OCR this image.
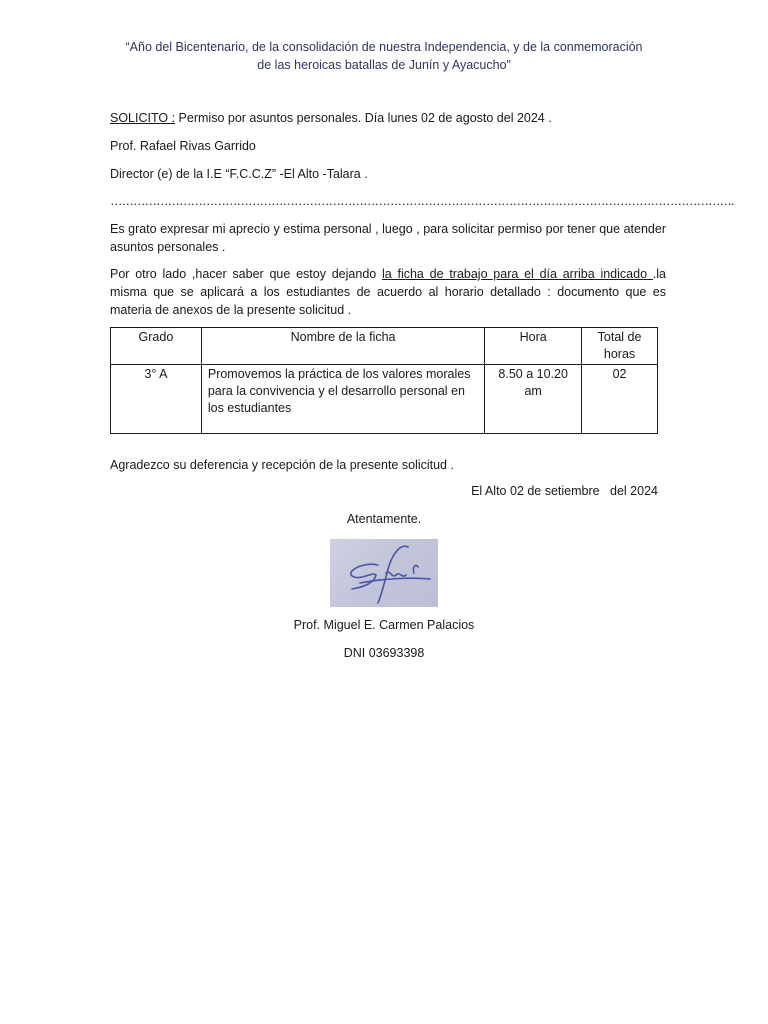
“Año del Bicentenario, de la consolidación de nuestra Independencia, y de la conmemoración
de las heroicas batallas de Junín y Ayacucho”
SOLICITO : Permiso por asuntos personales. Día lunes 02 de agosto del 2024 .
Prof. Rafael Rivas Garrido
Director (e) de la I.E “F.C.C.Z” -El Alto -Talara .
……………………………………………………………………………………………………………………………………………….
Es grato expresar mi aprecio y estima personal , luego , para solicitar permiso por tener que atender asuntos personales .
Por otro lado ,hacer saber que estoy dejando la ficha de trabajo para el día arriba indicado .la misma que se aplicará a los estudiantes de acuerdo al horario detallado : documento que es materia de anexos de la presente solicitud .
Grado	Nombre de la ficha	Hora	Total de horas
3° A	Promovemos la práctica de los valores morales para la convivencia y el desarrollo personal en los estudiantes	8.50 a 10.20 am	02
Agradezco su deferencia y recepción de la presente solicitud .
El Alto 02 de setiembre   del 2024
Atentamente.
Prof. Miguel E. Carmen Palacios
DNI 03693398
